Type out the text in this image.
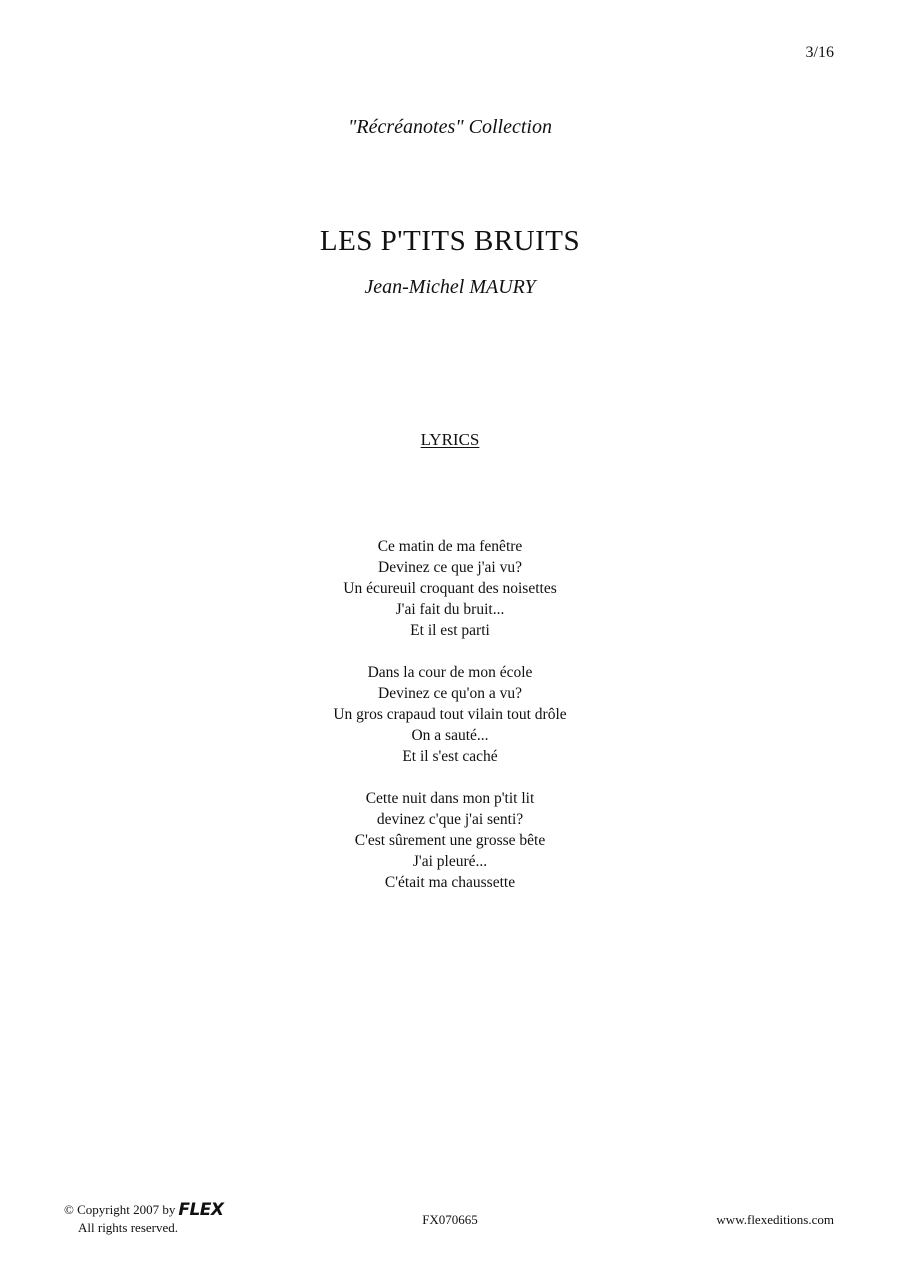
3/16
"Récréanotes" Collection
LES P'TITS BRUITS
Jean-Michel MAURY
LYRICS
Ce matin de ma fenêtre
Devinez ce que j'ai vu?
Un écureuil croquant des noisettes
J'ai fait du bruit...
Et il est parti
Dans la cour de mon école
Devinez ce qu'on a vu?
Un gros crapaud tout vilain tout drôle
On a sauté...
Et il s'est caché
Cette nuit dans mon p'tit lit
devinez c'que j'ai senti?
C'est sûrement une grosse bête
J'ai pleuré...
C'était ma chaussette
© Copyright 2007 by FLEX
All rights reserved.
FX070665	www.flexeditions.com
